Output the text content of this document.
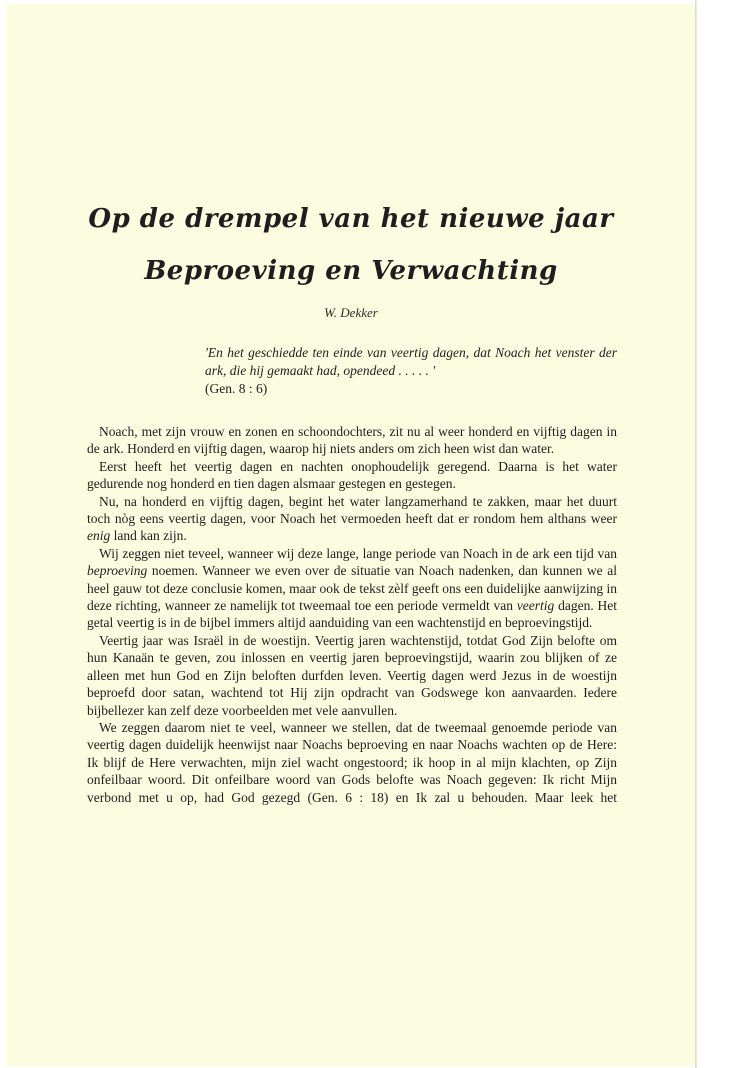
Op de drempel van het nieuwe jaar
Beproeving en Verwachting
W. Dekker
'En het geschiedde ten einde van veertig dagen, dat Noach het venster der ark, die hij gemaakt had, opendeed . . . . . '
(Gen. 8 : 6)

Noach, met zijn vrouw en zonen en schoondochters, zit nu al weer honderd en vijftig dagen in de ark. Honderd en vijftig dagen, waarop hij niets anders om zich heen wist dan water.

Eerst heeft het veertig dagen en nachten onophoudelijk geregend. Daarna is het water gedurende nog honderd en tien dagen alsmaar gestegen en gestegen.

Nu, na honderd en vijftig dagen, begint het water langzamerhand te zakken, maar het duurt toch nòg eens veertig dagen, voor Noach het vermoeden heeft dat er rondom hem althans weer enig land kan zijn.

Wij zeggen niet teveel, wanneer wij deze lange, lange periode van Noach in de ark een tijd van beproeving noemen. Wanneer we even over de situatie van Noach nadenken, dan kunnen we al heel gauw tot deze conclusie komen, maar ook de tekst zèlf geeft ons een duidelijke aanwijzing in deze richting, wanneer ze namelijk tot tweemaal toe een periode vermeldt van veertig dagen. Het getal veertig is in de bijbel immers altijd aanduiding van een wachtenstijd en beproevingstijd.

Veertig jaar was Israël in de woestijn. Veertig jaren wachtenstijd, totdat God Zijn belofte om hun Kanaän te geven, zou inlossen en veertig jaren beproevingstijd, waarin zou blijken of ze alleen met hun God en Zijn beloften durfden leven. Veertig dagen werd Jezus in de woestijn beproefd door satan, wachtend tot Hij zijn opdracht van Godswege kon aanvaarden. Iedere bijbellezer kan zelf deze voorbeelden met vele aanvullen.

We zeggen daarom niet te veel, wanneer we stellen, dat de tweemaal genoemde periode van veertig dagen duidelijk heenwijst naar Noachs beproeving en naar Noachs wachten op de Here: Ik blijf de Here verwachten, mijn ziel wacht ongestoord; ik hoop in al mijn klachten, op Zijn onfeilbaar woord. Dit onfeilbare woord van Gods belofte was Noach gegeven: Ik richt Mijn verbond met u op, had God gezegd (Gen. 6 : 18) en Ik zal u behouden. Maar leek het
